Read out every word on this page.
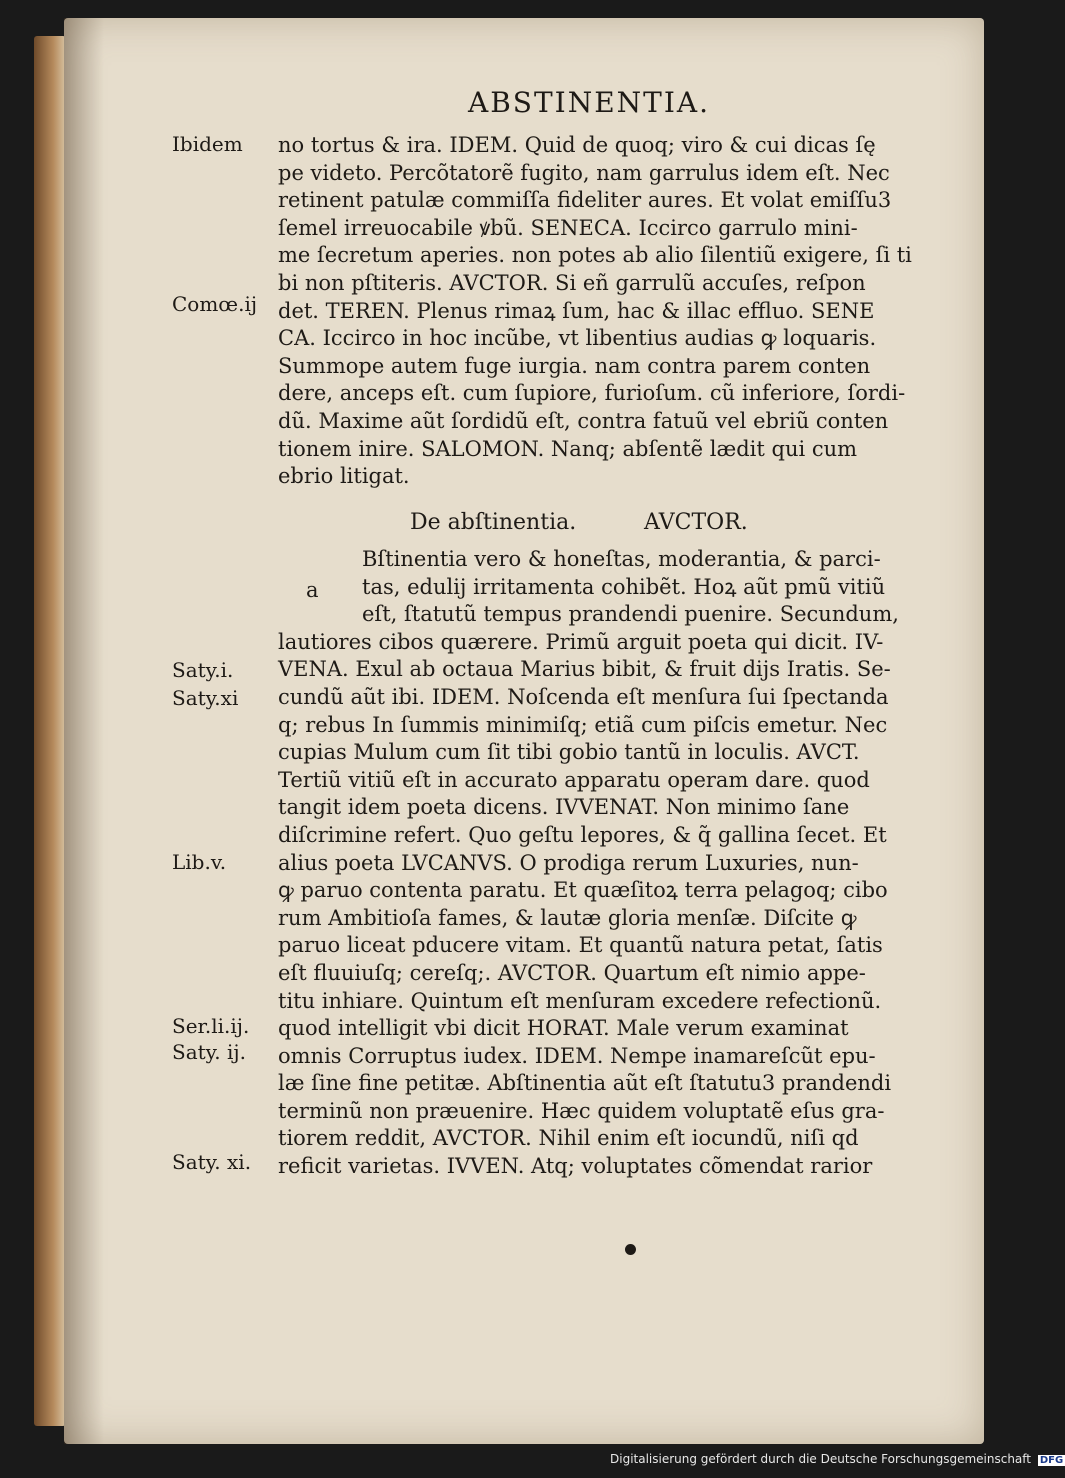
ABSTINENTIA.
Ibidem
Comœ.ij
Saty.i.
Saty.xi
Lib.v.
Ser.li.ij.
Saty. ij.
Saty. xi.
no tortus & ira. IDEM. Quid de quoq; viro & cui dicas ſę
pe videto. Percõtatorẽ fugito, nam garrulus idem eſt. Nec
retinent patulæ commiſſa fideliter aures. Et volat emiſſu3
ſemel irreuocabile ꝟbũ. SENECA. Iccirco garrulo mini-
me ſecretum aperies. non potes ab alio ſilentiũ exigere, ſi ti
bi non pſtiteris. AVCTOR. Si eñ garrulũ accuſes, reſpon
det. TEREN. Plenus rimaꝝ ſum, hac & illac effluo. SENE
CA. Iccirco in hoc incũbe, vt libentius audias ꝙ loquaris.
Summope autem fuge iurgia. nam contra parem conten
dere, anceps eſt. cum ſupiore, furioſum. cũ inferiore, ſordi-
dũ. Maxime aũt ſordidũ eſt, contra fatuũ vel ebriũ conten
tionem inire. SALOMON. Nanq; abſentẽ lædit qui cum
ebrio litigat.
De abſtinentia.	AVCTOR.
a
Bſtinentia vero & honeſtas, moderantia, & parci-
tas, edulij irritamenta cohibẽt. Hoꝝ aũt pmũ vitiũ
eſt, ſtatutũ tempus prandendi puenire. Secundum,
lautiores cibos quærere. Primũ arguit poeta qui dicit. IV-
VENA. Exul ab octaua Marius bibit, & fruit dijs Iratis. Se-
cundũ aũt ibi. IDEM. Noſcenda eſt menſura ſui ſpectanda
q; rebus In ſummis minimiſq; etiã cum piſcis emetur. Nec
cupias Mulum cum ſit tibi gobio tantũ in loculis. AVCT.
Tertiũ vitiũ eſt in accurato apparatu operam dare. quod
tangit idem poeta dicens. IVVENAT. Non minimo ſane
diſcrimine refert. Quo geſtu lepores, & q̃ gallina ſecet. Et
alius poeta LVCANVS. O prodiga rerum Luxuries, nun-
ꝙ paruo contenta paratu. Et quæſitoꝝ terra pelagoq; cibo
rum Ambitioſa fames, & lautæ gloria menſæ. Diſcite ꝙ
paruo liceat pducere vitam. Et quantũ natura petat, ſatis
eſt fluuiuſq; cereſq;. AVCTOR. Quartum eſt nimio appe-
titu inhiare. Quintum eſt menſuram excedere refectionũ.
quod intelligit vbi dicit HORAT. Male verum examinat
omnis Corruptus iudex. IDEM. Nempe inamareſcũt epu-
læ ſine fine petitæ. Abſtinentia aũt eſt ſtatutu3 prandendi
terminũ non præuenire. Hæc quidem voluptatẽ eſus gra-
tiorem reddit, AVCTOR. Nihil enim eſt iocundũ, niſi qd
reficit varietas. IVVEN. Atq; voluptates cõmendat rarior
Digitalisierung gefördert durch die Deutsche Forschungsgemeinschaft DFG
